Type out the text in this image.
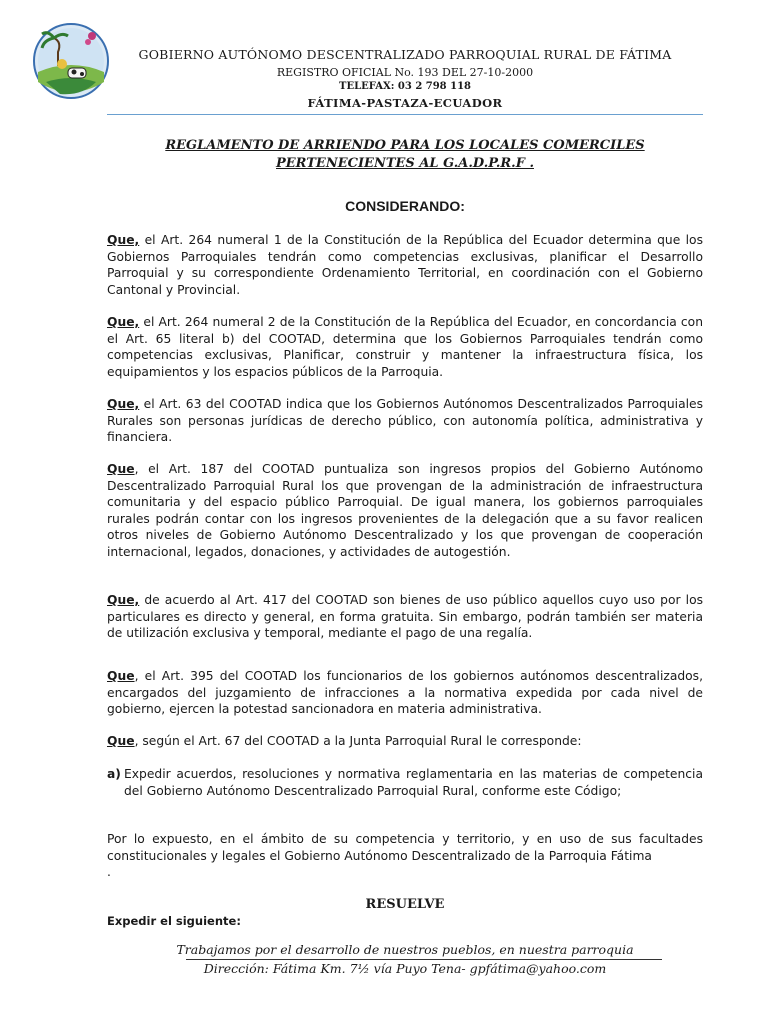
GOBIERNO AUTÓNOMO DESCENTRALIZADO PARROQUIAL RURAL DE FÁTIMA
REGISTRO OFICIAL No. 193 DEL 27-10-2000
TELEFAX: 03 2 798 118
FÁTIMA-PASTAZA-ECUADOR
REGLAMENTO DE ARRIENDO PARA LOS LOCALES COMERCILES
PERTENECIENTES AL G.A.D.P.R.F .
CONSIDERANDO:
Que, el Art. 264 numeral 1 de la Constitución de la República del Ecuador determina que los Gobiernos Parroquiales tendrán como competencias exclusivas, planificar el Desarrollo Parroquial y su correspondiente Ordenamiento Territorial, en coordinación con el Gobierno Cantonal y Provincial.
Que, el Art. 264 numeral 2 de la Constitución de la República del Ecuador, en concordancia con el Art. 65 literal b) del COOTAD, determina que los Gobiernos Parroquiales tendrán como competencias exclusivas, Planificar, construir y mantener la infraestructura física, los equipamientos y los espacios públicos de la Parroquia.
Que, el Art. 63 del COOTAD indica que los Gobiernos Autónomos Descentralizados Parroquiales Rurales son personas jurídicas de derecho público, con autonomía política, administrativa y financiera.
Que, el Art. 187 del COOTAD puntualiza son ingresos propios del Gobierno Autónomo Descentralizado Parroquial Rural los que provengan de la administración de infraestructura comunitaria y del espacio público Parroquial. De igual manera, los gobiernos parroquiales rurales podrán contar con los ingresos provenientes de la delegación que a su favor realicen otros niveles de Gobierno Autónomo Descentralizado y los que provengan de cooperación internacional, legados, donaciones, y actividades de autogestión.
Que, de acuerdo al Art. 417 del COOTAD son bienes de uso público aquellos cuyo uso por los particulares es directo y general, en forma gratuita. Sin embargo, podrán también ser materia de utilización exclusiva y temporal, mediante el pago de una regalía.
Que, el Art. 395 del COOTAD los funcionarios de los gobiernos autónomos descentralizados, encargados del juzgamiento de infracciones a la normativa expedida por cada nivel de gobierno, ejercen la potestad sancionadora en materia administrativa.
Que, según el Art. 67 del COOTAD a la Junta Parroquial Rural le corresponde:
a) Expedir acuerdos, resoluciones y normativa reglamentaria en las materias de competencia del Gobierno Autónomo Descentralizado Parroquial Rural, conforme este Código;
Por lo expuesto, en el ámbito de su competencia y territorio, y en uso de sus facultades constitucionales y legales el Gobierno Autónomo Descentralizado de la Parroquia Fátima
.
RESUELVE
Expedir el siguiente:
Trabajamos por el desarrollo de nuestros pueblos, en nuestra parroquia
Dirección: Fátima Km. 7½ vía Puyo Tena- gpfátima@yahoo.com
